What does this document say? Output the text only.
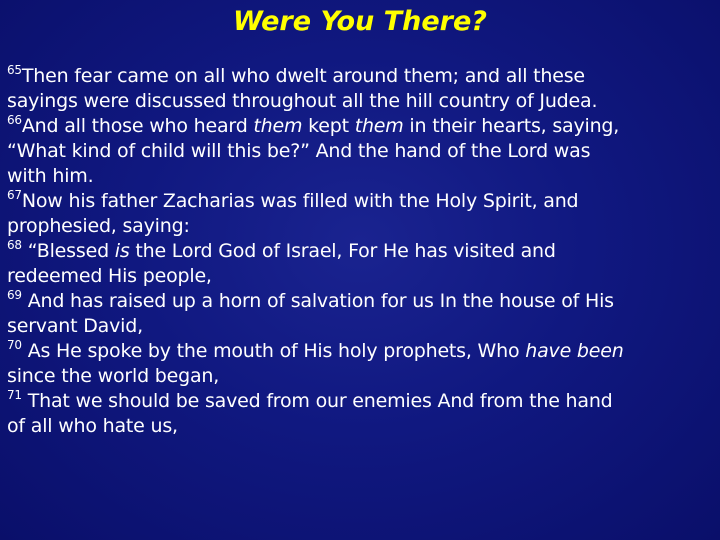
Were You There?
$^{65}$Then fear came on all who dwelt around them; and all these
sayings were discussed throughout all the hill country of Judea.
$^{66}$And all those who heard them kept them in their hearts, saying,
“What kind of child will this be?” And the hand of the Lord was
with him.
$^{67}$Now his father Zacharias was filled with the Holy Spirit, and
prophesied, saying:
$^{68}$ “Blessed is the Lord God of Israel, For He has visited and
redeemed His people,
$^{69}$ And has raised up a horn of salvation for us In the house of His
servant David,
$^{70}$ As He spoke by the mouth of His holy prophets, Who have been
since the world began,
$^{71}$ That we should be saved from our enemies And from the hand
of all who hate us,
